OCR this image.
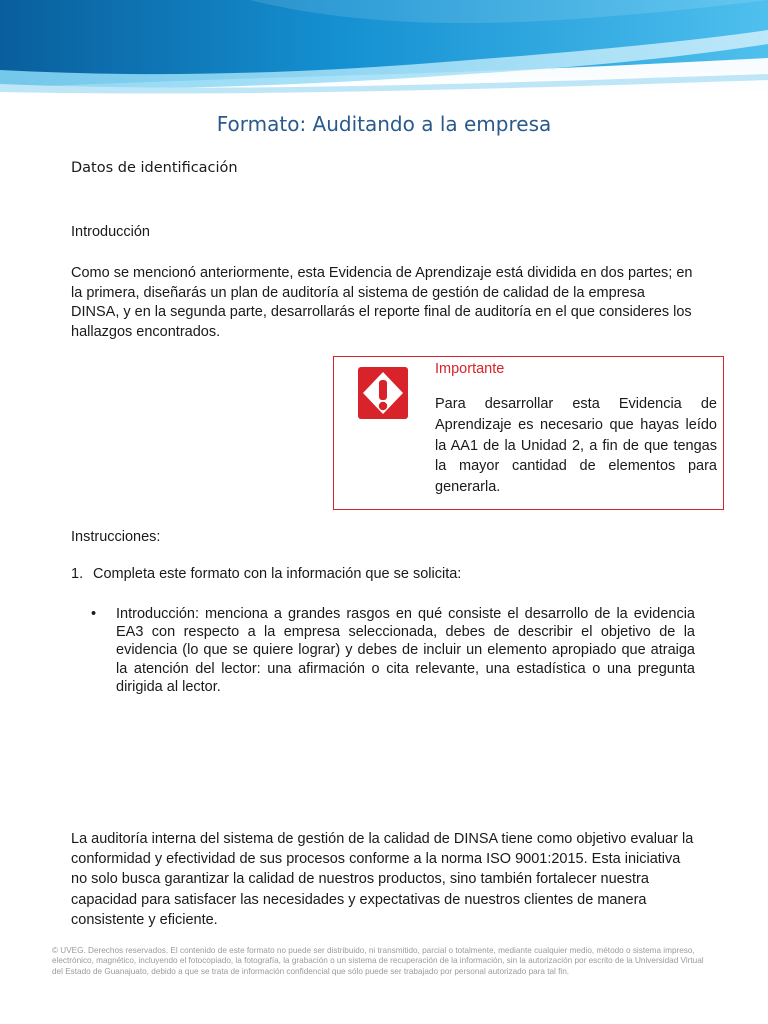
Formato: Auditando a la empresa
Datos de identificación
Introducción
Como se mencionó anteriormente, esta Evidencia de Aprendizaje está dividida en dos partes; en la primera, diseñarás un plan de auditoría al sistema de gestión de calidad de la empresa DINSA, y en la segunda parte, desarrollarás el reporte final de auditoría en el que consideres los hallazgos encontrados.
Importante
Para desarrollar esta Evidencia de Aprendizaje es necesario que hayas leído la AA1 de la Unidad 2, a fin de que tengas la mayor cantidad de elementos para generarla.
Instrucciones:
1. Completa este formato con la información que se solicita:
•	Introducción: menciona a grandes rasgos en qué consiste el desarrollo de la evidencia EA3 con respecto a la empresa seleccionada, debes de describir el objetivo de la evidencia (lo que se quiere lograr) y debes de incluir un elemento apropiado que atraiga la atención del lector: una afirmación o cita relevante, una estadística o una pregunta dirigida al lector.
La auditoría interna del sistema de gestión de la calidad de DINSA tiene como objetivo evaluar la conformidad y efectividad de sus procesos conforme a la norma ISO 9001:2015. Esta iniciativa no solo busca garantizar la calidad de nuestros productos, sino también fortalecer nuestra capacidad para satisfacer las necesidades y expectativas de nuestros clientes de manera consistente y eficiente.
© UVEG. Derechos reservados. El contenido de este formato no puede ser distribuido, ni transmitido, parcial o totalmente, mediante cualquier medio, método o sistema impreso, electrónico, magnético, incluyendo el fotocopiado, la fotografía, la grabación o un sistema de recuperación de la información, sin la autorización por escrito de la Universidad Virtual del Estado de Guanajuato, debido a que se trata de información confidencial que sólo puede ser trabajado por personal autorizado para tal fin.
